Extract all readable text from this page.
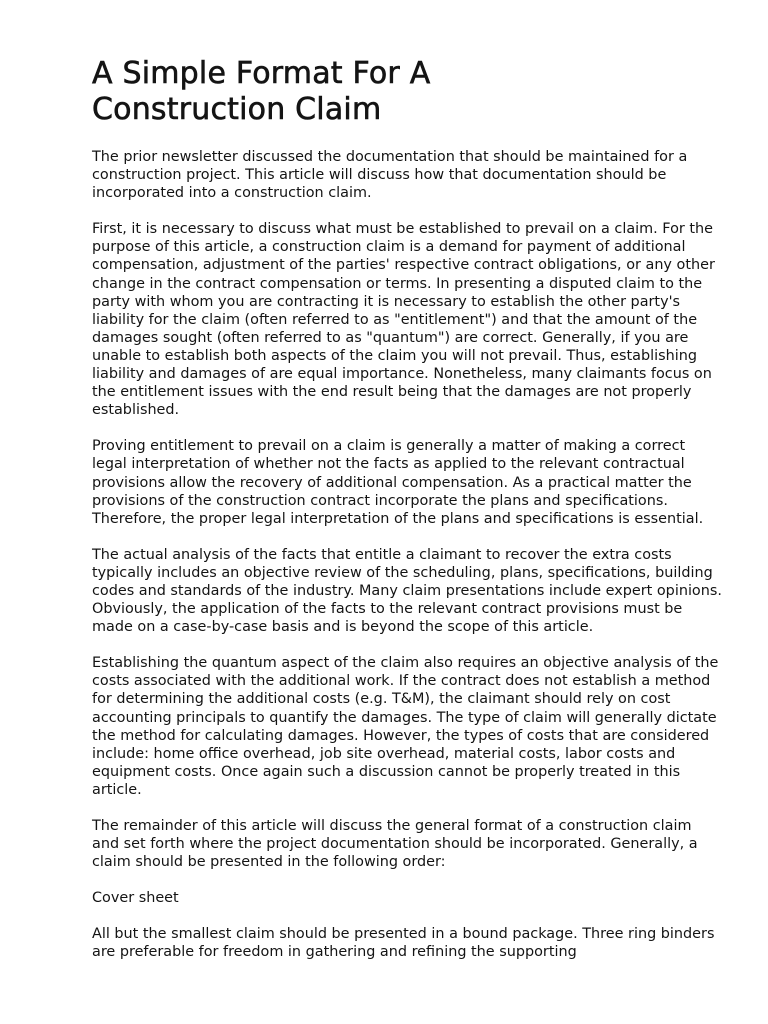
A Simple Format For A
Construction Claim

The prior newsletter discussed the documentation that should be maintained for a construction project. This article will discuss how that documentation should be incorporated into a construction claim.

First, it is necessary to discuss what must be established to prevail on a claim. For the purpose of this article, a construction claim is a demand for payment of additional compensation, adjustment of the parties' respective contract obligations, or any other change in the contract compensation or terms. In presenting a disputed claim to the party with whom you are contracting it is necessary to establish the other party's liability for the claim (often referred to as "entitlement") and that the amount of the damages sought (often referred to as "quantum") are correct. Generally, if you are unable to establish both aspects of the claim you will not prevail. Thus, establishing liability and damages of are equal importance. Nonetheless, many claimants focus on the entitlement issues with the end result being that the damages are not properly established.

Proving entitlement to prevail on a claim is generally a matter of making a correct legal interpretation of whether not the facts as applied to the relevant contractual provisions allow the recovery of additional compensation. As a practical matter the provisions of the construction contract incorporate the plans and specifications. Therefore, the proper legal interpretation of the plans and specifications is essential.

The actual analysis of the facts that entitle a claimant to recover the extra costs typically includes an objective review of the scheduling, plans, specifications, building codes and standards of the industry. Many claim presentations include expert opinions. Obviously, the application of the facts to the relevant contract provisions must be made on a case-by-case basis and is beyond the scope of this article.

Establishing the quantum aspect of the claim also requires an objective analysis of the costs associated with the additional work. If the contract does not establish a method for determining the additional costs (e.g. T&M), the claimant should rely on cost accounting principals to quantify the damages. The type of claim will generally dictate the method for calculating damages. However, the types of costs that are considered include: home office overhead, job site overhead, material costs, labor costs and equipment costs. Once again such a discussion cannot be properly treated in this article.

The remainder of this article will discuss the general format of a construction claim and set forth where the project documentation should be incorporated. Generally, a claim should be presented in the following order:

Cover sheet

All but the smallest claim should be presented in a bound package. Three ring binders are preferable for freedom in gathering and refining the supporting
